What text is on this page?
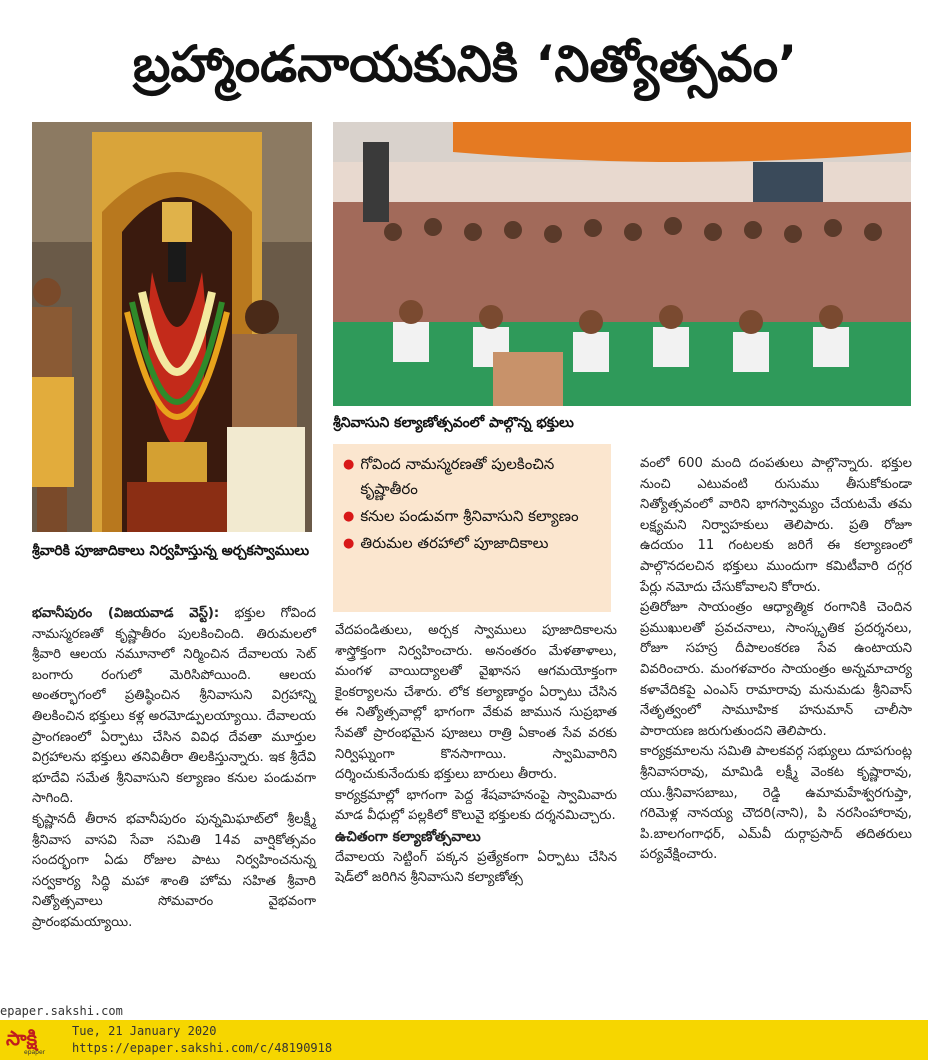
బ్రహ్మాండనాయకునికి ‘నిత్యోత్సవం’
శ్రీవారికి పూజాదికాలు నిర్వహిస్తున్న అర్చకస్వాములు
శ్రీనివాసుని కల్యాణోత్సవంలో పాల్గొన్న భక్తులు
● గోవింద నామస్మరణతో పులకించిన కృష్ణాతీరం
● కనుల పండువగా శ్రీనివాసుని కల్యాణం
● తిరుమల తరహాలో పూజాదికాలు

భవానీపురం (విజయవాడ వెస్ట్‌): భక్తుల గోవింద నామస్మరణతో కృష్ణాతీరం పులకించింది. తిరుమలలో శ్రీవారి ఆలయ నమూనాలో నిర్మించిన దేవాలయ సెట్‌ బంగారు రంగులో మెరిసిపోయింది. ఆలయ అంతర్భాగంలో ప్రతిష్ఠించిన శ్రీనివాసుని విగ్రహాన్ని తిలకించిన భక్తులు కళ్ల అరమోడ్పులయ్యాయి. దేవాలయ ప్రాంగణంలో ఏర్పాటు చేసిన వివిధ దేవతా మూర్తుల విగ్రహాలను భక్తులు తనివితీరా తిలకిస్తున్నారు. ఇక శ్రీదేవి భూదేవి సమేత శ్రీనివాసుని కల్యాణం కనుల పండువగా సాగింది.

కృష్ణానదీ తీరాన భవానీపురం పున్నమిఘాట్‌లో శ్రీలక్ష్మీ శ్రీనివాస వాసవి సేవా సమితి 14వ వార్షికోత్సవం సందర్భంగా ఏడు రోజుల పాటు నిర్వహించనున్న సర్వకార్య సిద్ధి మహా శాంతి హోమ సహిత శ్రీవారి నిత్యోత్సవాలు సోమవారం వైభవంగా ప్రారంభమయ్యాయి.

వేదపండితులు, అర్చక స్వాములు పూజాదికాలను శాస్త్రోక్తంగా నిర్వహించారు. అనంతరం మేళతాళాలు, మంగళ వాయిద్యాలతో వైఖానస ఆగమయోక్తంగా కైంకర్యాలను చేశారు. లోక కల్యాణార్థం ఏర్పాటు చేసిన ఈ నిత్యోత్సవాల్లో భాగంగా వేకువ జామున సుప్రభాత సేవతో ప్రారంభమైన పూజలు రాత్రి ఏకాంత సేవ వరకు నిర్విఘ్నంగా కొనసాగాయి. స్వామివారిని దర్శించుకునేందుకు భక్తులు బారులు తీరారు.

కార్యక్రమాల్లో భాగంగా పెద్ద శేషవాహనంపై స్వామివారు మాడ వీధుల్లో పల్లకిలో కొలువై భక్తులకు దర్శనమిచ్చారు.

ఉచితంగా కల్యాణోత్సవాలు

దేవాలయ సెట్టింగ్‌ పక్కన ప్రత్యేకంగా ఏర్పాటు చేసిన షెడ్‌లో జరిగిన శ్రీనివాసుని కల్యాణోత్స

వంలో 600 మంది దంపతులు పాల్గొన్నారు. భక్తుల నుంచి ఎటువంటి రుసుము తీసుకోకుండా నిత్యోత్సవంలో వారిని భాగస్వామ్యం చేయటమే తమ లక్ష్యమని నిర్వాహకులు తెలిపారు. ప్రతి రోజూ ఉదయం 11 గంటలకు జరిగే ఈ కల్యాణంలో పాల్గొనదలచిన భక్తులు ముందుగా కమిటీవారి దగ్గర పేర్లు నమోదు చేసుకోవాలని కోరారు.

ప్రతిరోజూ సాయంత్రం ఆధ్యాత్మిక రంగానికి చెందిన ప్రముఖులతో ప్రవచనాలు, సాంస్కృతిక ప్రదర్శనలు, రోజూ సహస్ర దీపాలంకరణ సేవ ఉంటాయని వివరించారు. మంగళవారం సాయంత్రం అన్నమాచార్య కళావేదికపై ఎంఎస్‌ రామారావు మనుమడు శ్రీనివాస్‌ నేతృత్వంలో సామూహిక హనుమాన్‌ చాలీసా పారాయణ జరుగుతుందని తెలిపారు.

కార్యక్రమాలను సమితి పాలకవర్గ సభ్యులు దూపగుంట్ల శ్రీనివాసరావు, మామిడి లక్ష్మీ వెంకట కృష్ణారావు, యు.శ్రీనివాసబాబు, రెడ్డి ఉమామహేశ్వరగుప్తా, గరిమెళ్ల నానయ్య చౌదరి(నాని), పి నరసింహారావు, పి.బాలగంగాధర్‌, ఎమ్‌వీ దుర్గాప్రసాద్‌ తదితరులు పర్యవేక్షించారు.

epaper.sakshi.com
సాక్షి
epaper
Tue, 21 January 2020
https://epaper.sakshi.com/c/48190918
